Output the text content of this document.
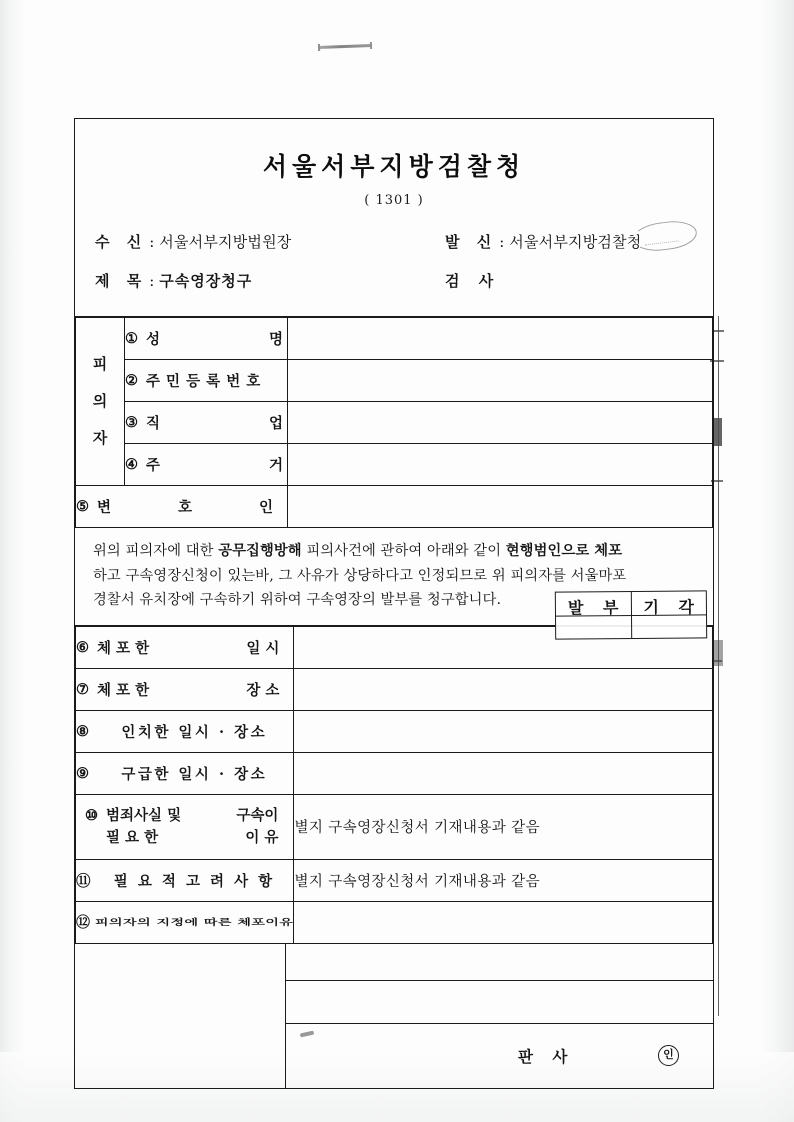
서울서부지방검찰청
( 1301 )
수 신 : 서울서부지방법원장	발 신 : 서울서부지방검찰청
제 목 : 구속영장청구	검 사
피
의
자

① 성	명

	② 주 민 등 록 번 호	

	③ 직 업	

	④ 주 거	

⑤ 변 호 인		

위의 피의자에 대한 공무집행방해 피의사건에 관하여 아래와 같이 현행범인으로 체포
하고 구속영장신청이 있는바, 그 사유가 상당하다고 인정되므로 위 피의자를 서울마포
경찰서 유치장에 구속하기 위하여 구속영장의 발부를 청구합니다.	발 부	기 각
⑥ 체 포 한 일 시	

⑦ 체 포 한 장 소	

⑧ 인치한 일시 · 장소	

⑨ 구급한 일시 · 장소	

⑩ 범죄사실 및 구속이
필 요 한 이 유	별지 구속영장신청서 기재내용과 같음

⑪ 필 요 적 고 려 사 항	별지 구속영장신청서 기재내용과 같음

⑫ 피의자의 지정에 따른 체포이유	

판 사	인
